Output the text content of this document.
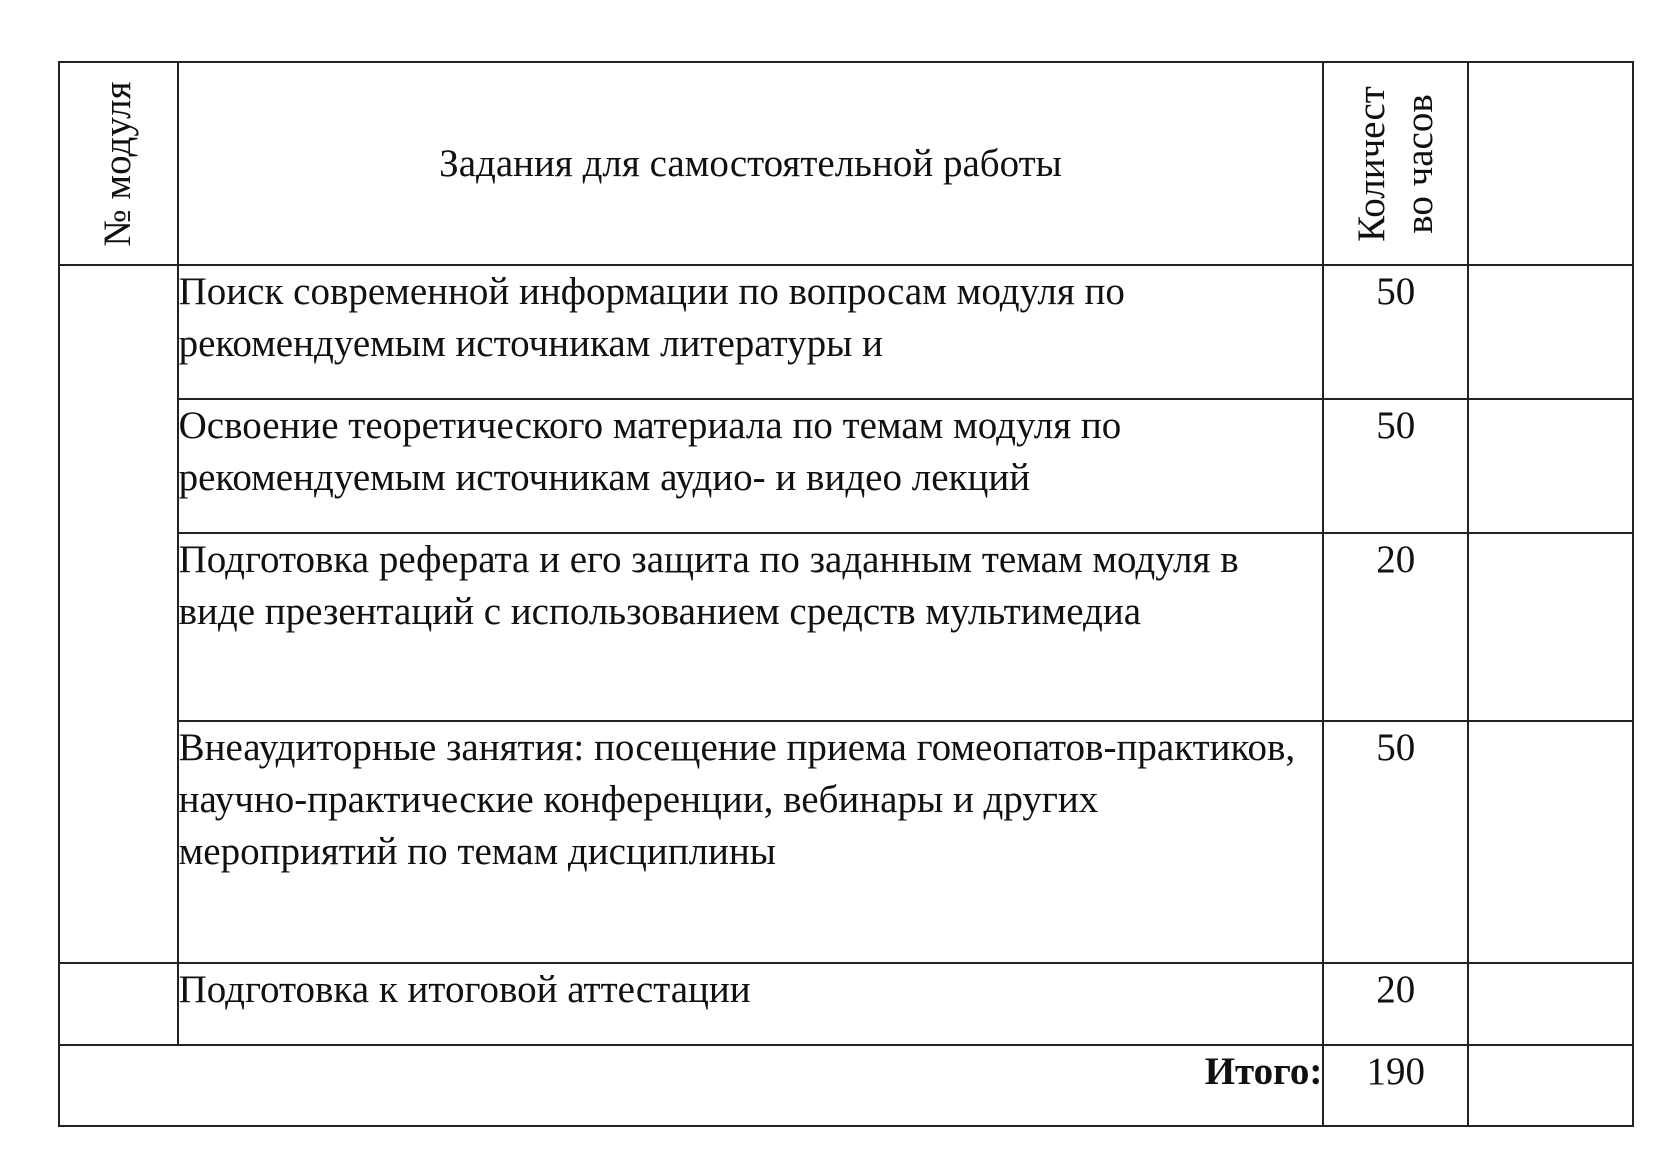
№ модуля	Задания для самостоятельной работы	Количест во часов	

	Поиск современной информации по вопросам модуля по рекомендуемым источникам литературы и	50	
	Освоение теоретического материала по темам модуля по рекомендуемым источникам аудио- и видео лекций	50	
	Подготовка реферата и его защита по заданным темам модуля в виде презентаций с использованием средств мультимедиа	20	
	Внеаудиторные занятия: посещение приема гомеопатов-практиков, научно-практические конференции, вебинары и других мероприятий по темам дисциплины	50	
	Подготовка к итоговой аттестации	20	
Итого:		190	
